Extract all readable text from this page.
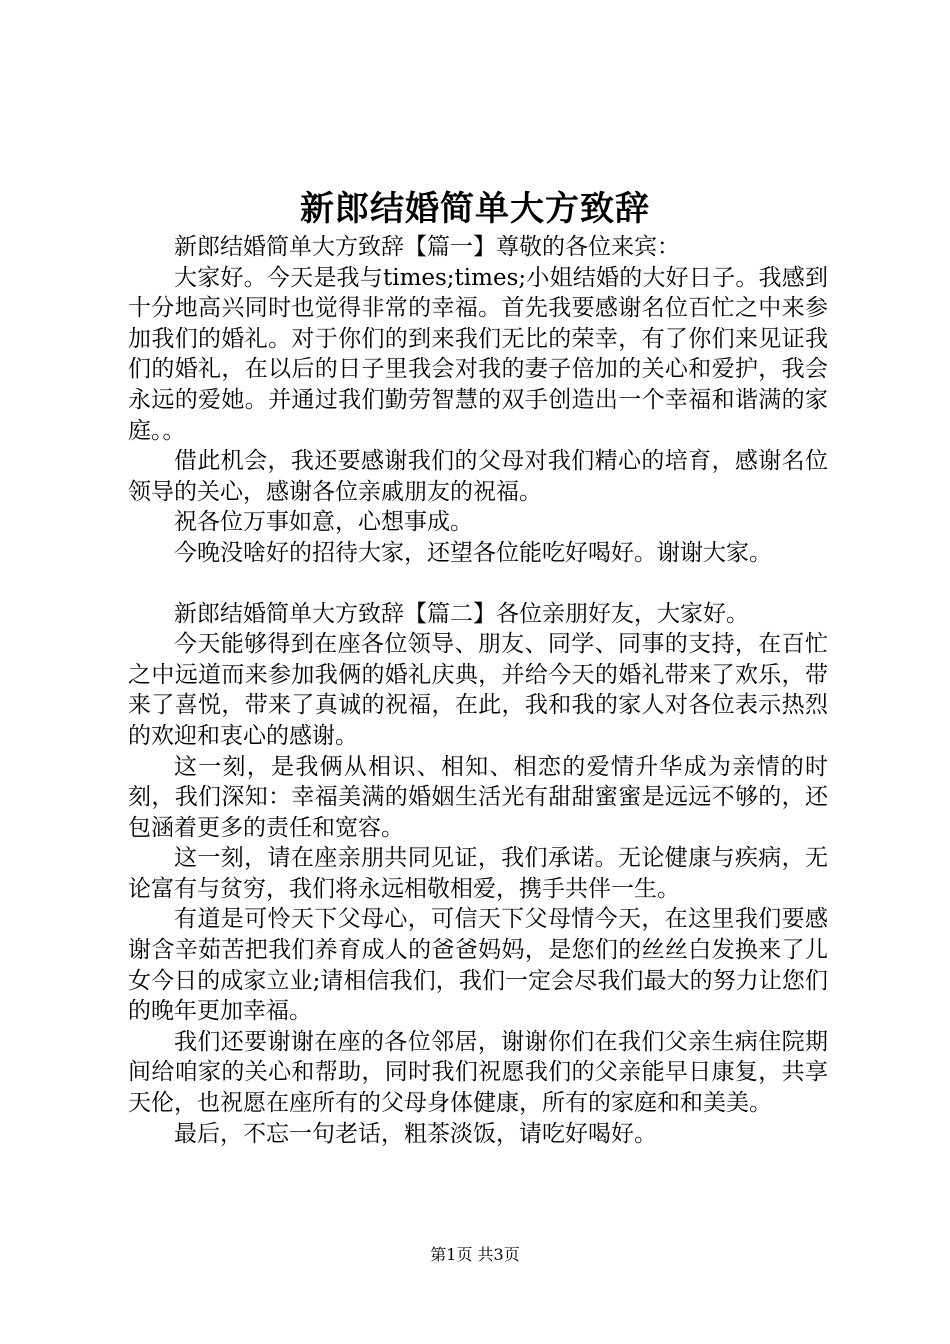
新郎结婚简单大方致辞

新郎结婚简单大方致辞【篇一】尊敬的各位来宾：

大家好。今天是我与times;times;小姐结婚的大好日子。我感到十分地高兴同时也觉得非常的幸福。首先我要感谢名位百忙之中来参加我们的婚礼。对于你们的到来我们无比的荣幸，有了你们来见证我们的婚礼，在以后的日子里我会对我的妻子倍加的关心和爱护，我会永远的爱她。并通过我们勤劳智慧的双手创造出一个幸福和谐满的家庭。。

借此机会，我还要感谢我们的父母对我们精心的培育，感谢名位领导的关心，感谢各位亲戚朋友的祝福。

祝各位万事如意，心想事成。

今晚没啥好的招待大家，还望各位能吃好喝好。谢谢大家。

新郎结婚简单大方致辞【篇二】各位亲朋好友，大家好。

今天能够得到在座各位领导、朋友、同学、同事的支持，在百忙之中远道而来参加我俩的婚礼庆典，并给今天的婚礼带来了欢乐，带来了喜悦，带来了真诚的祝福，在此，我和我的家人对各位表示热烈的欢迎和衷心的感谢。

这一刻，是我俩从相识、相知、相恋的爱情升华成为亲情的时刻，我们深知：幸福美满的婚姻生活光有甜甜蜜蜜是远远不够的，还包涵着更多的责任和宽容。

这一刻，请在座亲朋共同见证，我们承诺。无论健康与疾病，无论富有与贫穷，我们将永远相敬相爱，携手共伴一生。

有道是可怜天下父母心，可信天下父母情今天，在这里我们要感谢含辛茹苦把我们养育成人的爸爸妈妈，是您们的丝丝白发换来了儿女今日的成家立业;请相信我们，我们一定会尽我们最大的努力让您们的晚年更加幸福。

我们还要谢谢在座的各位邻居，谢谢你们在我们父亲生病住院期间给咱家的关心和帮助，同时我们祝愿我们的父亲能早日康复，共享天伦，也祝愿在座所有的父母身体健康，所有的家庭和和美美。

最后，不忘一句老话，粗茶淡饭，请吃好喝好。

第1页 共3页
